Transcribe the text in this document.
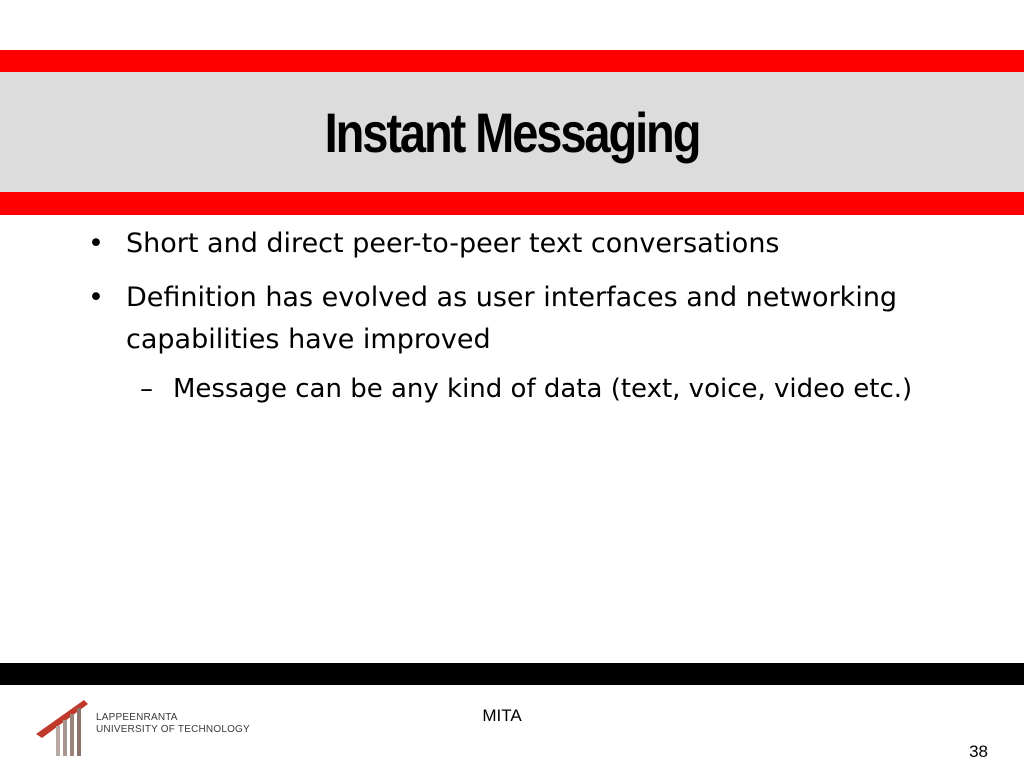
Instant Messaging
• Short and direct peer-to-peer text conversations
• Definition has evolved as user interfaces and networking capabilities have improved
– Message can be any kind of data (text, voice, video etc.)
LAPPEENRANTA
UNIVERSITY OF TECHNOLOGY
MITA
38
